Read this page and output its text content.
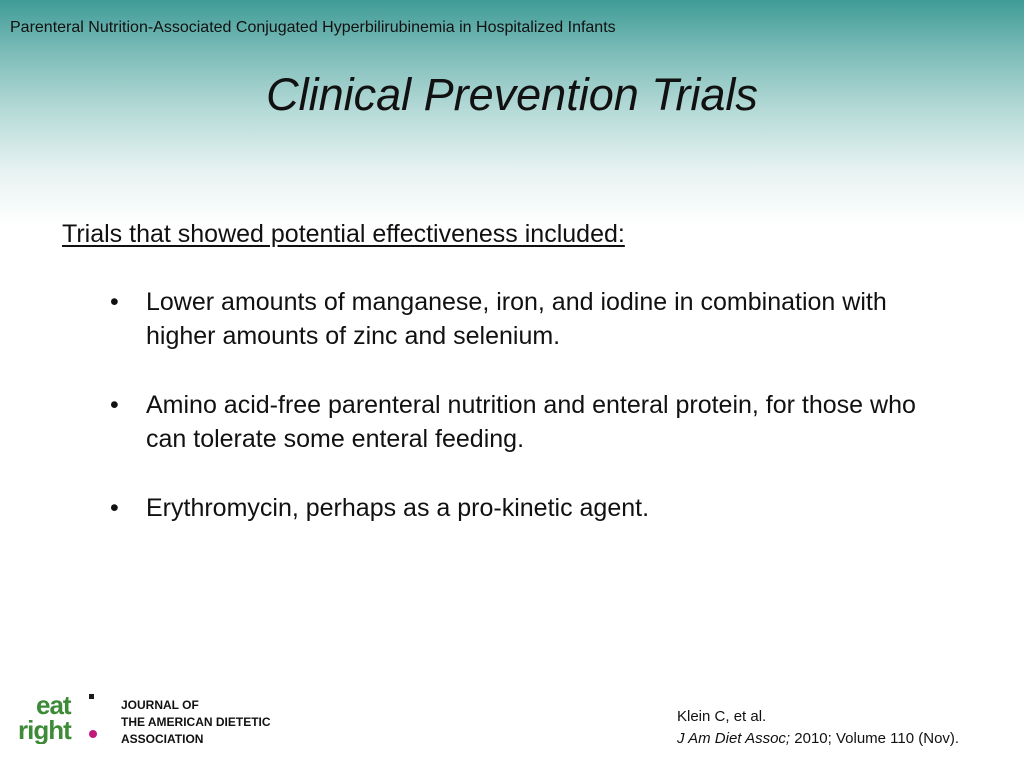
Parenteral Nutrition-Associated Conjugated Hyperbilirubinemia in Hospitalized Infants
Clinical Prevention Trials
Trials that showed potential effectiveness included:
•	Lower amounts of manganese, iron, and iodine in combination with higher amounts of zinc and selenium.
•	Amino acid-free parenteral nutrition and enteral protein, for those who can tolerate some enteral feeding.
•	Erythromycin, perhaps as a pro-kinetic agent.
eat
right
JOURNAL OF
THE AMERICAN DIETETIC
ASSOCIATION
Klein C, et al.
J Am Diet Assoc; 2010; Volume 110 (Nov).
